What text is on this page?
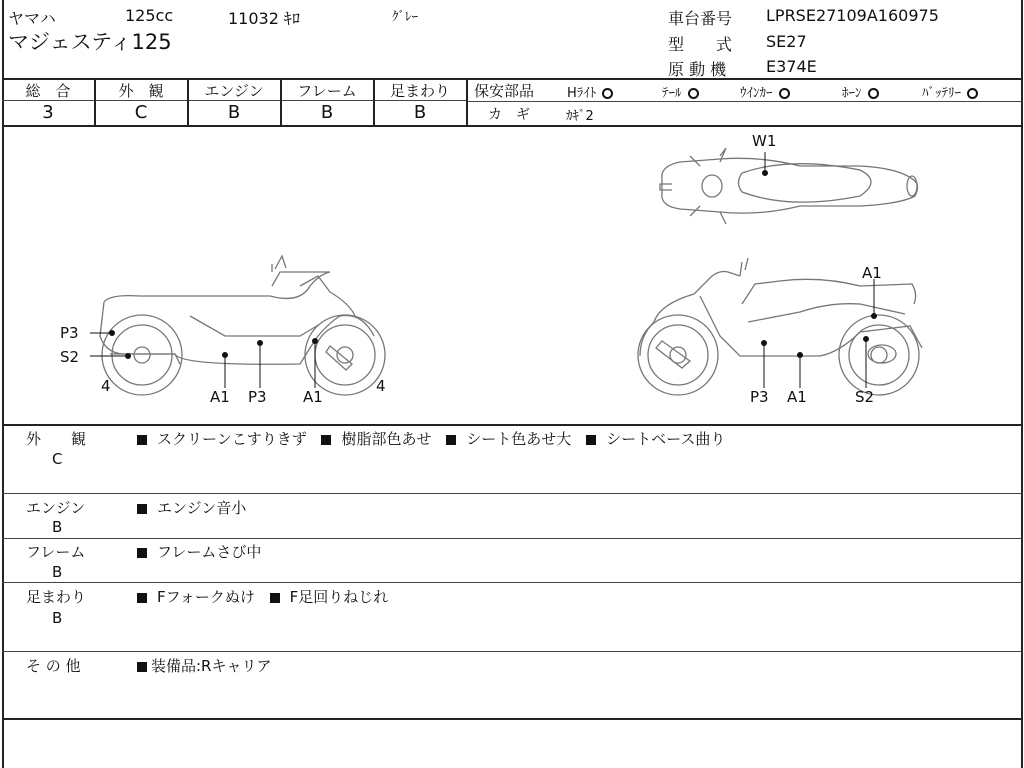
ヤマハ	125cc	11032 ｷﾛ	ｸﾞﾚｰ
マジェスティ125
車台番号 LPRSE27109A160975
型　　式 SE27
原 動 機 E374E
総　合
3
外　観
C
エンジン
B
フレーム
B
足まわり
B
保安部品	Hﾗｲﾄ	ﾃｰﾙ	ｳｲﾝｶｰ	ﾎｰﾝ	ﾊﾞｯﾃﾘｰ
カ　ギ	ｶｷﾞ2
W1
P3
S2
4	4
A1 P3 A1
A1
P3 A1	S2
外　　観
C
スクリーンこすりきず 樹脂部色あせ シート色あせ大 シートベース曲り
エンジン
B
エンジン音小
フレーム
B
フレームさび中
足まわり
B
Fフォークぬけ F足回りねじれ
そ の 他	装備品:Rキャリア
